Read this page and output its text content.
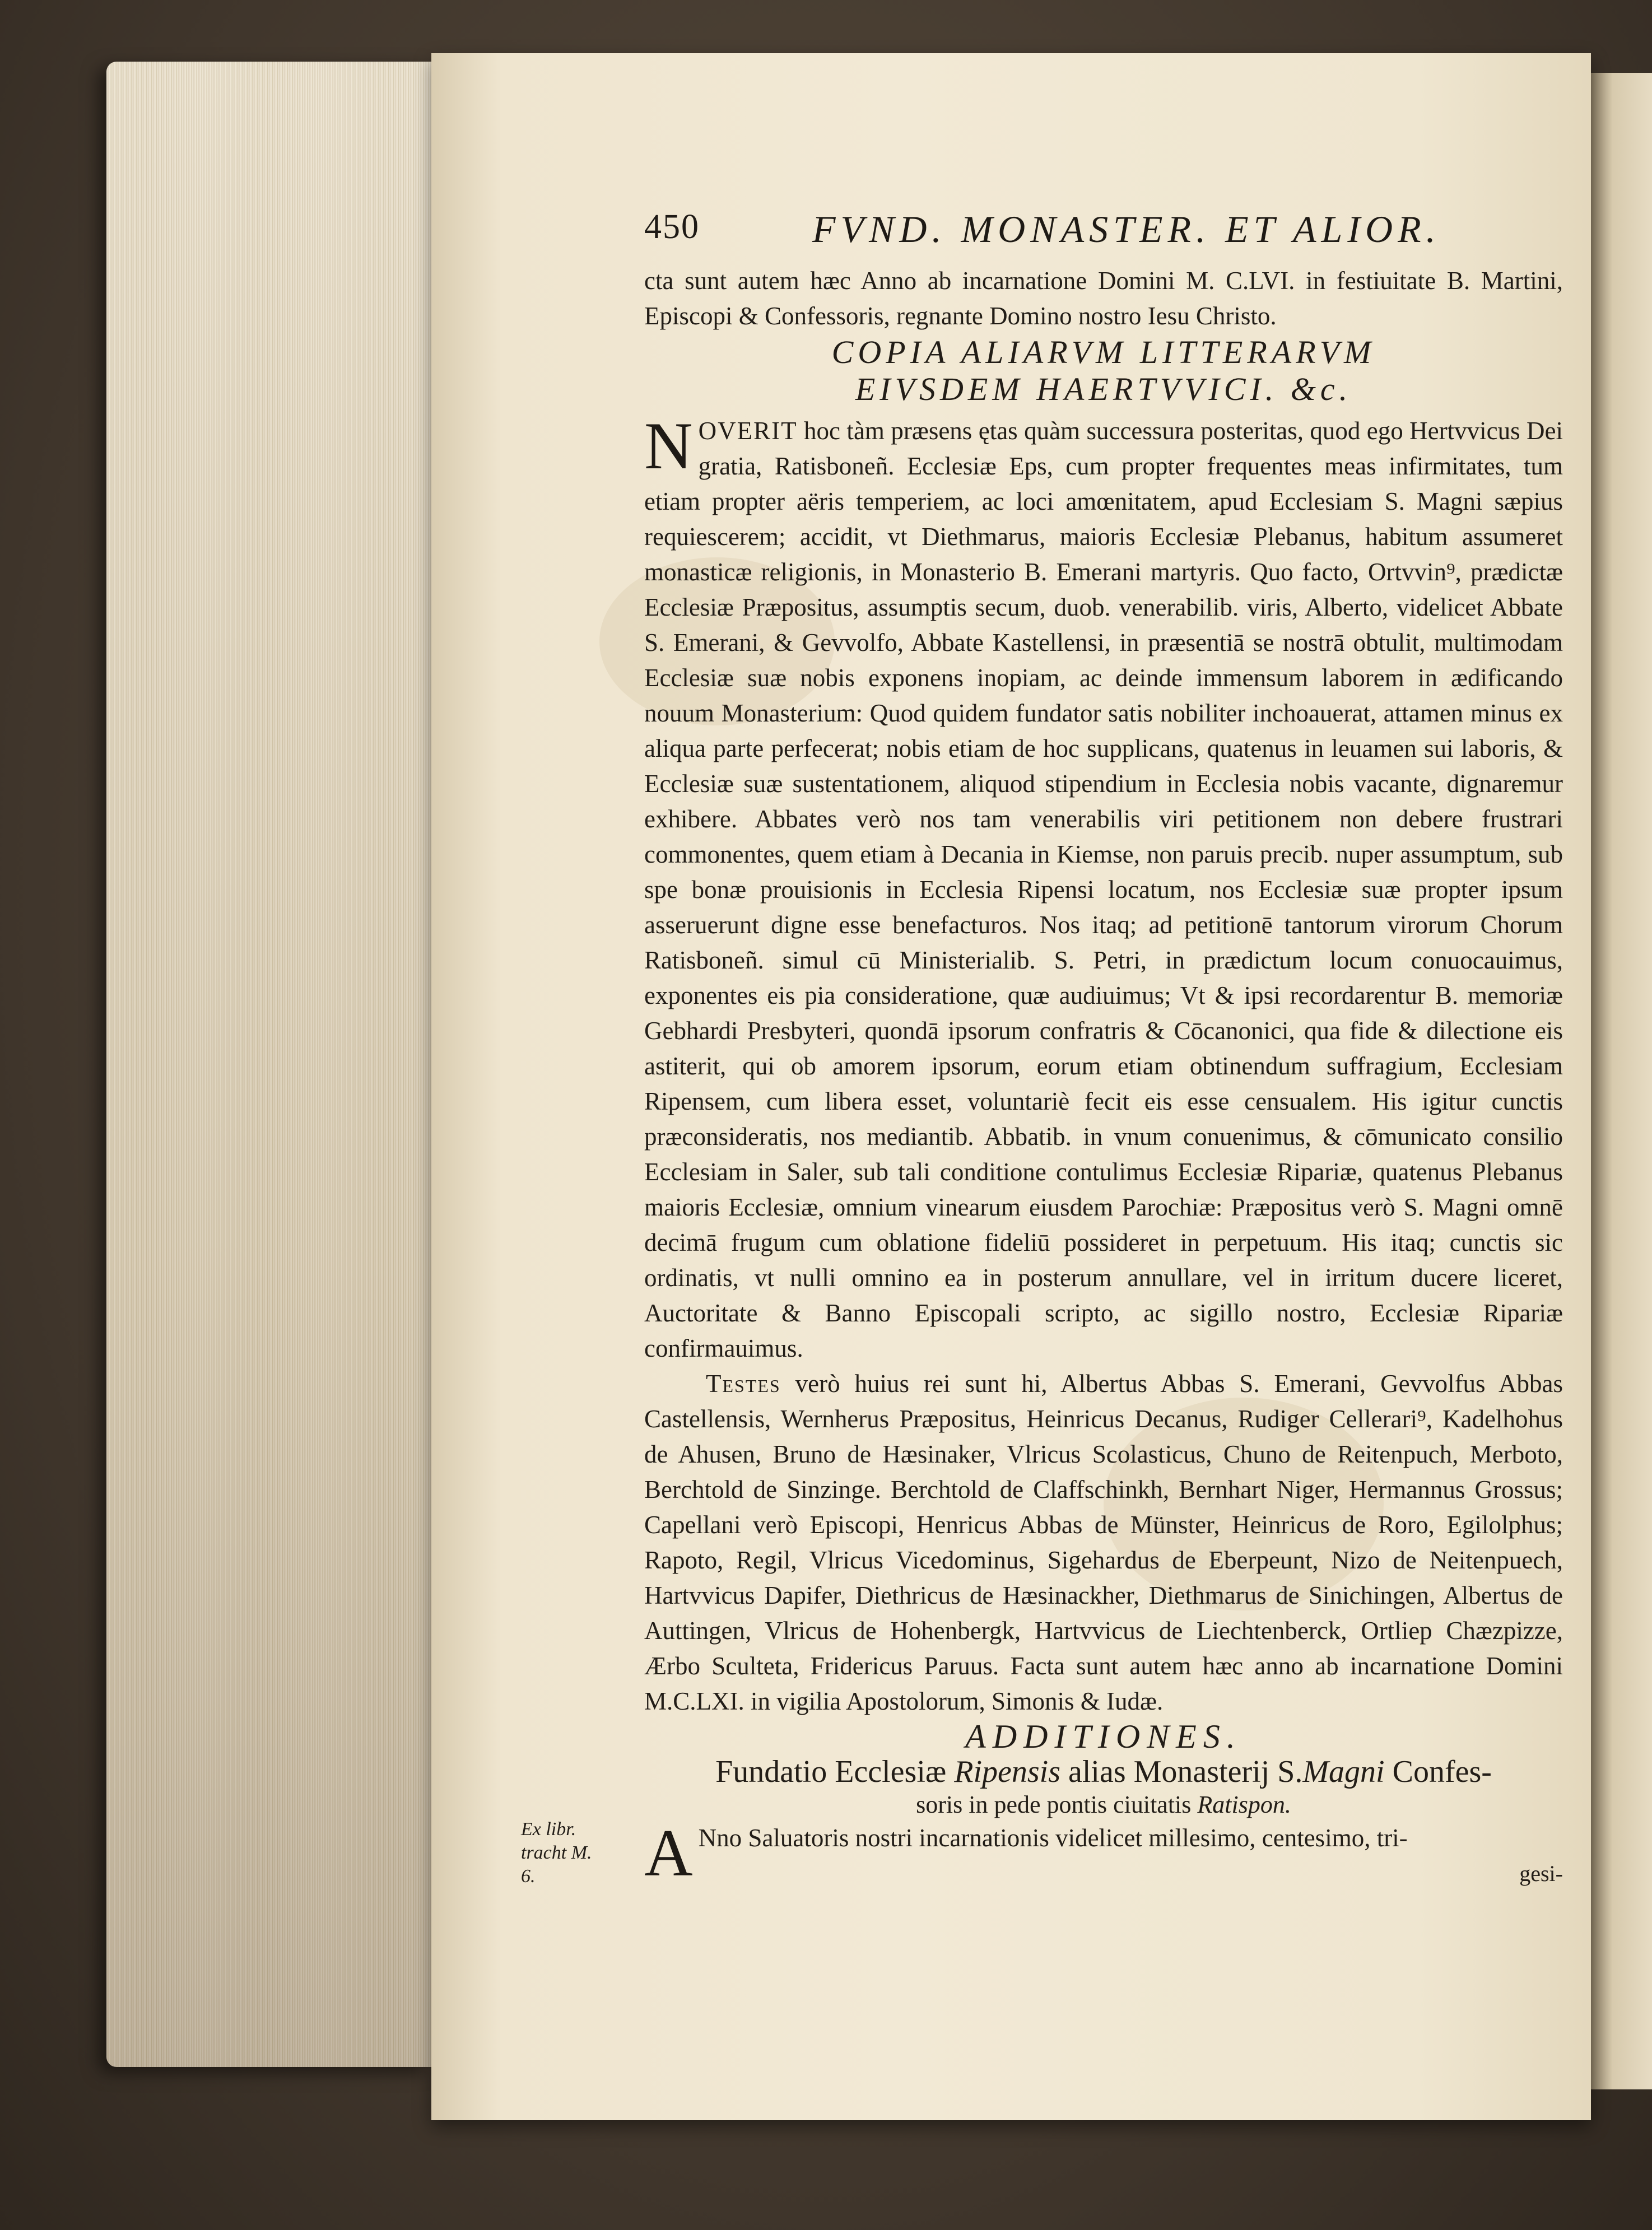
450	FVND. MONASTER. ET ALIOR.

cta sunt autem hæc Anno ab incarnatione Domini M. C.LVI. in festiuitate B. Martini, Episcopi & Confessoris, regnante Domino nostro Iesu Christo.

COPIA ALIARVM LITTERARVM

EIVSDEM HAERTVVICI. &c.

NOVERIT hoc tàm præsens ętas quàm successura posteritas, quod ego Hertvvicus Dei gratia, Ratisboneñ. Ecclesiæ Eps, cum propter frequentes meas infirmitates, tum etiam propter aëris temperiem, ac loci amœnitatem, apud Ecclesiam S. Magni sæpius requiescerem; accidit, vt Diethmarus, maioris Ecclesiæ Plebanus, habitum assumeret monasticæ religionis, in Monasterio B. Emerani martyris. Quo facto, Ortvvin⁹, prædictæ Ecclesiæ Præpositus, assumptis secum, duob. venerabilib. viris, Alberto, videlicet Abbate S. Emerani, & Gevvolfo, Abbate Kastellensi, in præsentiā se nostrā obtulit, multimodam Ecclesiæ suæ nobis exponens inopiam, ac deinde immensum laborem in ædificando nouum Monasterium: Quod quidem fundator satis nobiliter inchoauerat, attamen minus ex aliqua parte perfecerat; nobis etiam de hoc supplicans, quatenus in leuamen sui laboris, & Ecclesiæ suæ sustentationem, aliquod stipendium in Ecclesia nobis vacante, dignaremur exhibere. Abbates verò nos tam venerabilis viri petitionem non debere frustrari commonentes, quem etiam à Decania in Kiemse, non paruis precib. nuper assumptum, sub spe bonæ prouisionis in Ecclesia Ripensi locatum, nos Ecclesiæ suæ propter ipsum asseruerunt digne esse benefacturos. Nos itaq; ad petitionē tantorum virorum Chorum Ratisboneñ. simul cū Ministerialib. S. Petri, in prædictum locum conuocauimus, exponentes eis pia consideratione, quæ audiuimus; Vt & ipsi recordarentur B. memoriæ Gebhardi Presbyteri, quondā ipsorum confratris & Cōcanonici, qua fide & dilectione eis astiterit, qui ob amorem ipsorum, eorum etiam obtinendum suffragium, Ecclesiam Ripensem, cum libera esset, voluntariè fecit eis esse censualem. His igitur cunctis præconsideratis, nos mediantib. Abbatib. in vnum conuenimus, & cōmunicato consilio Ecclesiam in Saler, sub tali conditione contulimus Ecclesiæ Ripariæ, quatenus Plebanus maioris Ecclesiæ, omnium vinearum eiusdem Parochiæ: Præpositus verò S. Magni omnē decimā frugum cum oblatione fideliū possideret in perpetuum. His itaq; cunctis sic ordinatis, vt nulli omnino ea in posterum annullare, vel in irritum ducere liceret, Auctoritate & Banno Episcopali scripto, ac sigillo nostro, Ecclesiæ Ripariæ confirmauimus.

Testes verò huius rei sunt hi, Albertus Abbas S. Emerani, Gevvolfus Abbas Castellensis, Wernherus Præpositus, Heinricus Decanus, Rudiger Cellerari⁹, Kadelhohus de Ahusen, Bruno de Hæsinaker, Vlricus Scolasticus, Chuno de Reitenpuch, Merboto, Berchtold de Sinzinge. Berchtold de Claffschinkh, Bernhart Niger, Hermannus Grossus; Capellani verò Episcopi, Henricus Abbas de Münster, Heinricus de Roro, Egilolphus; Rapoto, Regil, Vlricus Vicedominus, Sigehardus de Eberpeunt, Nizo de Neitenpuech, Hartvvicus Dapifer, Diethricus de Hæsinackher, Diethmarus de Sinichingen, Albertus de Auttingen, Vlricus de Hohenbergk, Hartvvicus de Liechtenberck, Ortliep Chæzpizze, Ærbo Sculteta, Fridericus Paruus. Facta sunt autem hæc anno ab incarnatione Domini M.C.LXI. in vigilia Apostolorum, Simonis & Iudæ.

ADDITIONES.

Fundatio Ecclesiæ Ripensis alias Monasterij S.Magni Confes-

soris in pede pontis ciuitatis Ratispon.

A Nno Saluatoris nostri incarnationis videlicet millesimo, centesimo, tri-

gesi-

Ex libr.
tracht M.
6.
